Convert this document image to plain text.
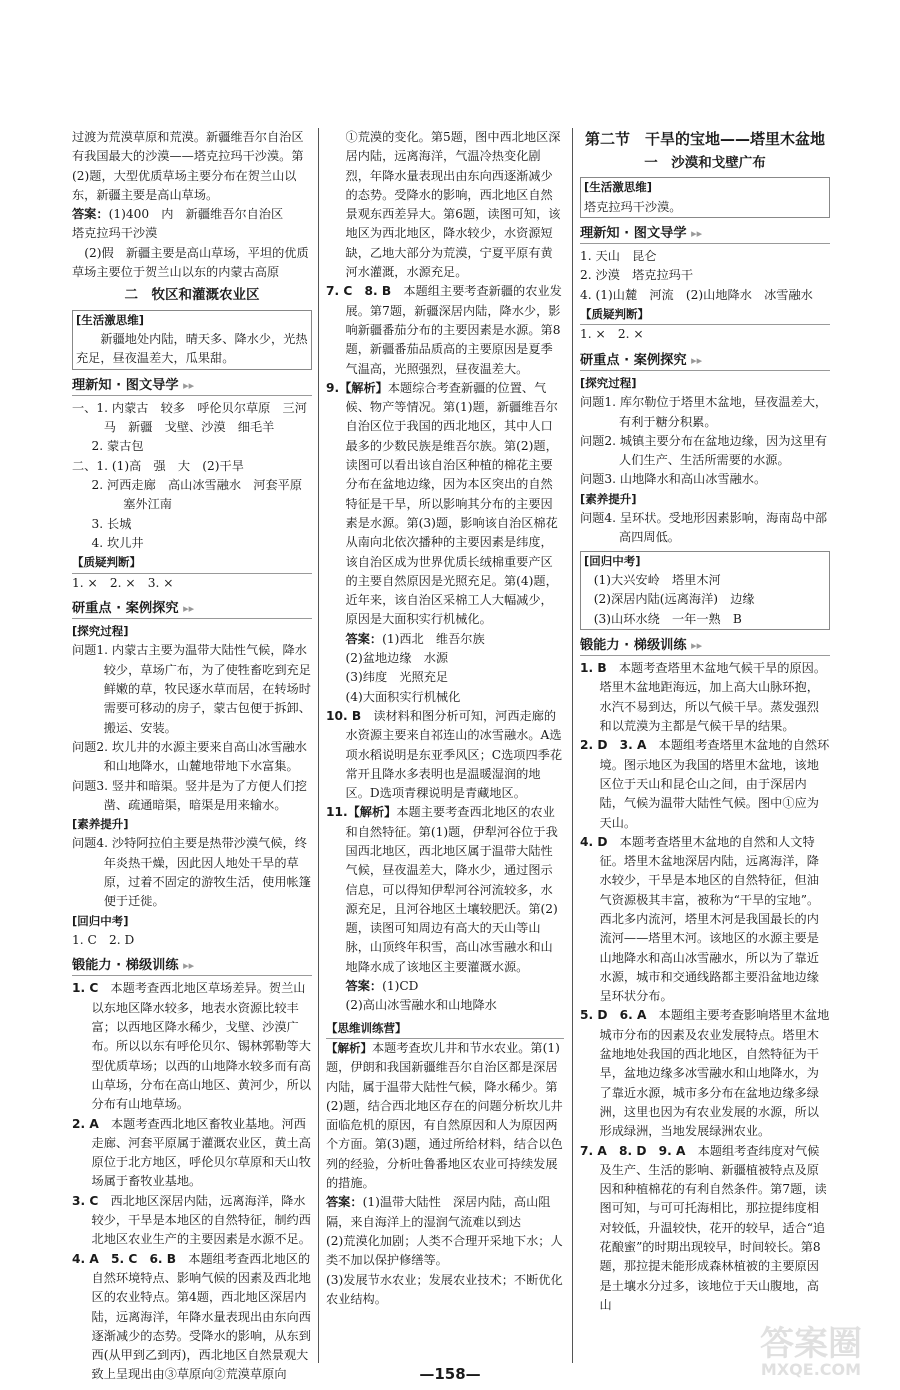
过渡为荒漠草原和荒漠。新疆维吾尔自治区有我国最大的沙漠——塔克拉玛干沙漠。第(2)题，大型优质草场主要分布在贺兰山以东，新疆主要是高山草场。

答案：(1)400　内　新疆维吾尔自治区

塔克拉玛干沙漠

(2)假　新疆主要是高山草场，平坦的优质草场主要位于贺兰山以东的内蒙古高原

二　牧区和灌溉农业区
[生活激思维]

新疆地处内陆，晴天多、降水少，光热充足，昼夜温差大，瓜果甜。

理新知 · 图文导学 ▸▸

一、1. 内蒙古　较多　呼伦贝尔草原　三河马　新疆　戈壁、沙漠　细毛羊

2. 蒙古包

二、1. (1)高　强　大　(2)干旱

2. 河西走廊　高山冰雪融水　河套平原　塞外江南

3. 长城

4. 坎儿井

【质疑判断】

1. ×　2. ×　3. ×

研重点 · 案例探究 ▸▸
[探究过程]

问题1. 内蒙古主要为温带大陆性气候，降水较少，草场广布，为了使牲畜吃到充足鲜嫩的草，牧民逐水草而居，在转场时需要可移动的房子，蒙古包便于拆卸、搬运、安装。

问题2. 坎儿井的水源主要来自高山冰雪融水和山地降水，山麓地带地下水富集。

问题3. 竖井和暗渠。竖井是为了方便人们挖凿、疏通暗渠，暗渠是用来输水。

[素养提升]

问题4. 沙特阿拉伯主要是热带沙漠气候，终年炎热干燥，因此因人地处干旱的草原，过着不固定的游牧生活，使用帐篷便于迁徙。

[回归中考]

1. C　2. D

锻能力 · 梯级训练 ▸▸

1. C　 本题考查西北地区草场差异。贺兰山以东地区降水较多，地表水资源比较丰富；以西地区降水稀少，戈壁、沙漠广布。所以以东有呼伦贝尔、锡林郭勒等大型优质草场；以西的山地降水较多而有高山草场，分布在高山地区、黄河少，所以分布有山地草场。

2. A　 本题考查西北地区畜牧业基地。河西走廊、河套平原属于灌溉农业区，黄土高原位于北方地区，呼伦贝尔草原和天山牧场属于畜牧业基地。

3. C　 西北地区深居内陆，远离海洋，降水较少，干旱是本地区的自然特征，制约西北地区农业生产的主要因素是水源不足。

4. A　5. C　6. B　 本题组考查西北地区的自然环境特点、影响气候的因素及西北地区的农业特点。第4题，西北地区深居内陆，远离海洋，年降水量表现出由东向西逐渐减少的态势。受降水的影响，从东到西(从甲到乙到丙)，西北地区自然景观大致上呈现出由③草原向②荒漠草原向

①荒漠的变化。第5题，图中西北地区深居内陆，远离海洋，气温冷热变化剧烈，年降水量表现出由东向西逐渐减少的态势。受降水的影响，西北地区自然景观东西差异大。第6题，读图可知，该地区为西北地区，降水较少，水资源短缺，乙地大部分为荒漠，宁夏平原有黄河水灌溉，水源充足。

7. C　8. B　 本题组主要考查新疆的农业发展。第7题，新疆深居内陆，降水少，影响新疆番茄分布的主要因素是水源。第8题，新疆番茄品质高的主要原因是夏季气温高，光照强烈，昼夜温差大。

9.【解析】本题综合考查新疆的位置、气候、物产等情况。第(1)题，新疆维吾尔自治区位于我国的西北地区，其中人口最多的少数民族是维吾尔族。第(2)题，读图可以看出该自治区种植的棉花主要分布在盆地边缘，因为本区突出的自然特征是干旱，所以影响其分布的主要因素是水源。第(3)题，影响该自治区棉花从南向北依次播种的主要因素是纬度，该自治区成为世界优质长绒棉重要产区的主要自然原因是光照充足。第(4)题，近年来，该自治区采棉工人大幅减少，原因是大面积实行机械化。

答案：(1)西北　维吾尔族

(2)盆地边缘　水源

(3)纬度　光照充足

(4)大面积实行机械化

10. B　 读材料和图分析可知，河西走廊的水资源主要来自祁连山的冰雪融水。A选项水稻说明是东亚季风区；C选项四季花常开且降水多表明也是温暖湿润的地区。D选项青稞说明是青藏地区。

11.【解析】本题主要考查西北地区的农业和自然特征。第(1)题，伊犁河谷位于我国西北地区，西北地区属于温带大陆性气候，昼夜温差大，降水少，通过图示信息，可以得知伊犁河谷河流较多，水源充足，且河谷地区土壤较肥沃。第(2)题，读图可知周边有高大的天山等山脉，山顶终年积雪，高山冰雪融水和山地降水成了该地区主要灌溉水源。

答案：(1)CD

(2)高山冰雪融水和山地降水

【思维训练营】

【解析】本题考查坎儿井和节水农业。第(1)题，伊朗和我国新疆维吾尔自治区都是深居内陆，属于温带大陆性气候，降水稀少。第(2)题，结合西北地区存在的问题分析坎儿井面临危机的原因，有自然原因和人为原因两个方面。第(3)题，通过所给材料，结合以色列的经验，分析吐鲁番地区农业可持续发展的措施。

答案：(1)温带大陆性　深居内陆，高山阻隔，来自海洋上的湿润气流难以到达

(2)荒漠化加剧；人类不合理开采地下水；人类不加以保护修缮等。

(3)发展节水农业；发展农业技术；不断优化农业结构。

第二节　干旱的宝地——塔里木盆地
一　沙漠和戈壁广布
[生活激思维]

塔克拉玛干沙漠。

理新知 · 图文导学 ▸▸

1. 天山　昆仑

2. 沙漠　塔克拉玛干

4. (1)山麓　河流　(2)山地降水　冰雪融水

【质疑判断】

1. ×　2. ×

研重点 · 案例探究 ▸▸
[探究过程]

问题1. 库尔勒位于塔里木盆地，昼夜温差大，有利于糖分积累。

问题2. 城镇主要分布在盆地边缘，因为这里有人们生产、生活所需要的水源。

问题3. 山地降水和高山冰雪融水。

[素养提升]

问题4. 呈环状。受地形因素影响，海南岛中部高四周低。

[回归中考]

(1)大兴安岭　塔里木河

(2)深居内陆(远离海洋)　边缘

(3)山环水绕　一年一熟　B

锻能力 · 梯级训练 ▸▸

1. B　 本题考查塔里木盆地气候干旱的原因。塔里木盆地距海远，加上高大山脉环抱，水汽不易到达，所以气候干旱。蒸发强烈和以荒漠为主都是气候干旱的结果。

2. D　3. A　 本题组考查塔里木盆地的自然环境。图示地区为我国的塔里木盆地，该地区位于天山和昆仑山之间，由于深居内陆，气候为温带大陆性气候。图中①应为天山。

4. D　 本题考查塔里木盆地的自然和人文特征。塔里木盆地深居内陆，远离海洋，降水较少，干旱是本地区的自然特征，但油气资源极其丰富，被称为“干旱的宝地”。西北多内流河，塔里木河是我国最长的内流河——塔里木河。该地区的水源主要是山地降水和高山冰雪融水，所以为了靠近水源，城市和交通线路都主要沿盆地边缘呈环状分布。

5. D　6. A　 本题组主要考查影响塔里木盆地城市分布的因素及农业发展特点。塔里木盆地地处我国的西北地区，自然特征为干旱，盆地边缘多冰雪融水和山地降水，为了靠近水源，城市多分布在盆地边缘多绿洲，这里也因为有农业发展的水源，所以形成绿洲，当地发展绿洲农业。

7. A　8. D　9. A　 本题组考查纬度对气候及生产、生活的影响、新疆植被特点及原因和种植棉花的有利自然条件。第7题，读图可知，与可可托海相比，那拉提纬度相对较低，升温较快，花开的较早，适合“追花酿蜜”的时期出现较早，时间较长。第8题，那拉提未能形成森林植被的主要原因是土壤水分过多，该地位于天山腹地，高山

—158—
答案圈
MXQE.COM
